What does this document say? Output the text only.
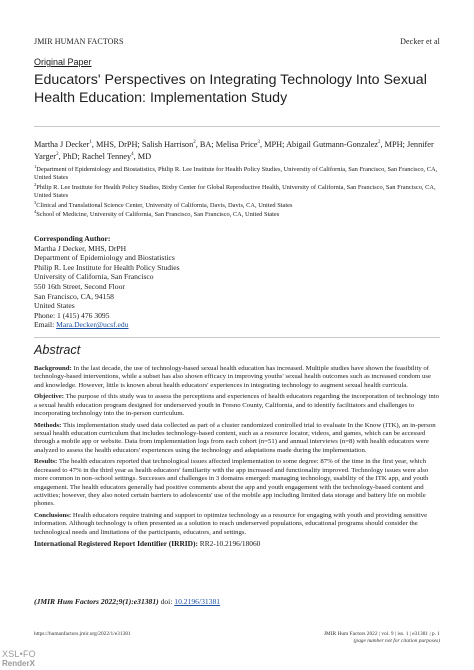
JMIR HUMAN FACTORS	Decker et al
Original Paper
Educators' Perspectives on Integrating Technology Into Sexual Health Education: Implementation Study
Martha J Decker$^1$, MHS, DrPH; Salish Harrison$^2$, BA; Melisa Price$^3$, MPH; Abigail Gutmann-Gonzalez$^2$, MPH; Jennifer Yarger$^2$, PhD; Rachel Tenney$^4$, MD
$^1$Department of Epidemiology and Biostatistics, Philip R. Lee Institute for Health Policy Studies, University of California, San Francisco, San Francisco, CA, United States
$^2$Philip R. Lee Institute for Health Policy Studies, Bixby Center for Global Reproductive Health, University of California, San Francisco, San Francisco, CA, United States
$^3$Clinical and Translational Science Center, University of California, Davis, Davis, CA, United States
$^4$School of Medicine, University of California, San Francisco, San Francisco, CA, United States
Corresponding Author:
Martha J Decker, MHS, DrPH
Department of Epidemiology and Biostatistics
Philip R. Lee Institute for Health Policy Studies
University of California, San Francisco
550 16th Street, Second Floor
San Francisco, CA, 94158
United States
Phone: 1 (415) 476 3095
Email: Mara.Decker@ucsf.edu
Abstract

Background: In the last decade, the use of technology-based sexual health education has increased. Multiple studies have shown the feasibility of technology-based interventions, while a subset has also shown efficacy in improving youths' sexual health outcomes such as increased condom use and knowledge. However, little is known about health educators' experiences in integrating technology to augment sexual health curricula.

Objective: The purpose of this study was to assess the perceptions and experiences of health educators regarding the incorporation of technology into a sexual health education program designed for underserved youth in Fresno County, California, and to identify facilitators and challenges to incorporating technology into the in-person curriculum.

Methods: This implementation study used data collected as part of a cluster randomized controlled trial to evaluate In the Know (ITK), an in-person sexual health education curriculum that includes technology-based content, such as a resource locator, videos, and games, which can be accessed through a mobile app or website. Data from implementation logs from each cohort (n=51) and annual interviews (n=8) with health educators were analyzed to assess the health educators' experiences using the technology and adaptations made during the implementation.

Results: The health educators reported that technological issues affected implementation to some degree: 87% of the time in the first year, which decreased to 47% in the third year as health educators' familiarity with the app increased and functionality improved. Technology issues were also more common in non–school settings. Successes and challenges in 3 domains emerged: managing technology, usability of the ITK app, and youth engagement. The health educators generally had positive comments about the app and youth engagement with the technology-based content and activities; however, they also noted certain barriers to adolescents' use of the mobile app including limited data storage and battery life on mobile phones.

Conclusions: Health educators require training and support to optimize technology as a resource for engaging with youth and providing sensitive information. Although technology is often presented as a solution to reach underserved populations, educational programs should consider the technological needs and limitations of the participants, educators, and settings.

International Registered Report Identifier (IRRID): RR2-10.2196/18060

(JMIR Hum Factors 2022;9(1):e31381) doi: 10.2196/31381
https://humanfactors.jmir.org/2022/1/e31381	JMIR Hum Factors 2022 | vol. 9 | iss. 1 | e31381 | p. 1
(page number not for citation purposes)
XSL•FO
RenderX
